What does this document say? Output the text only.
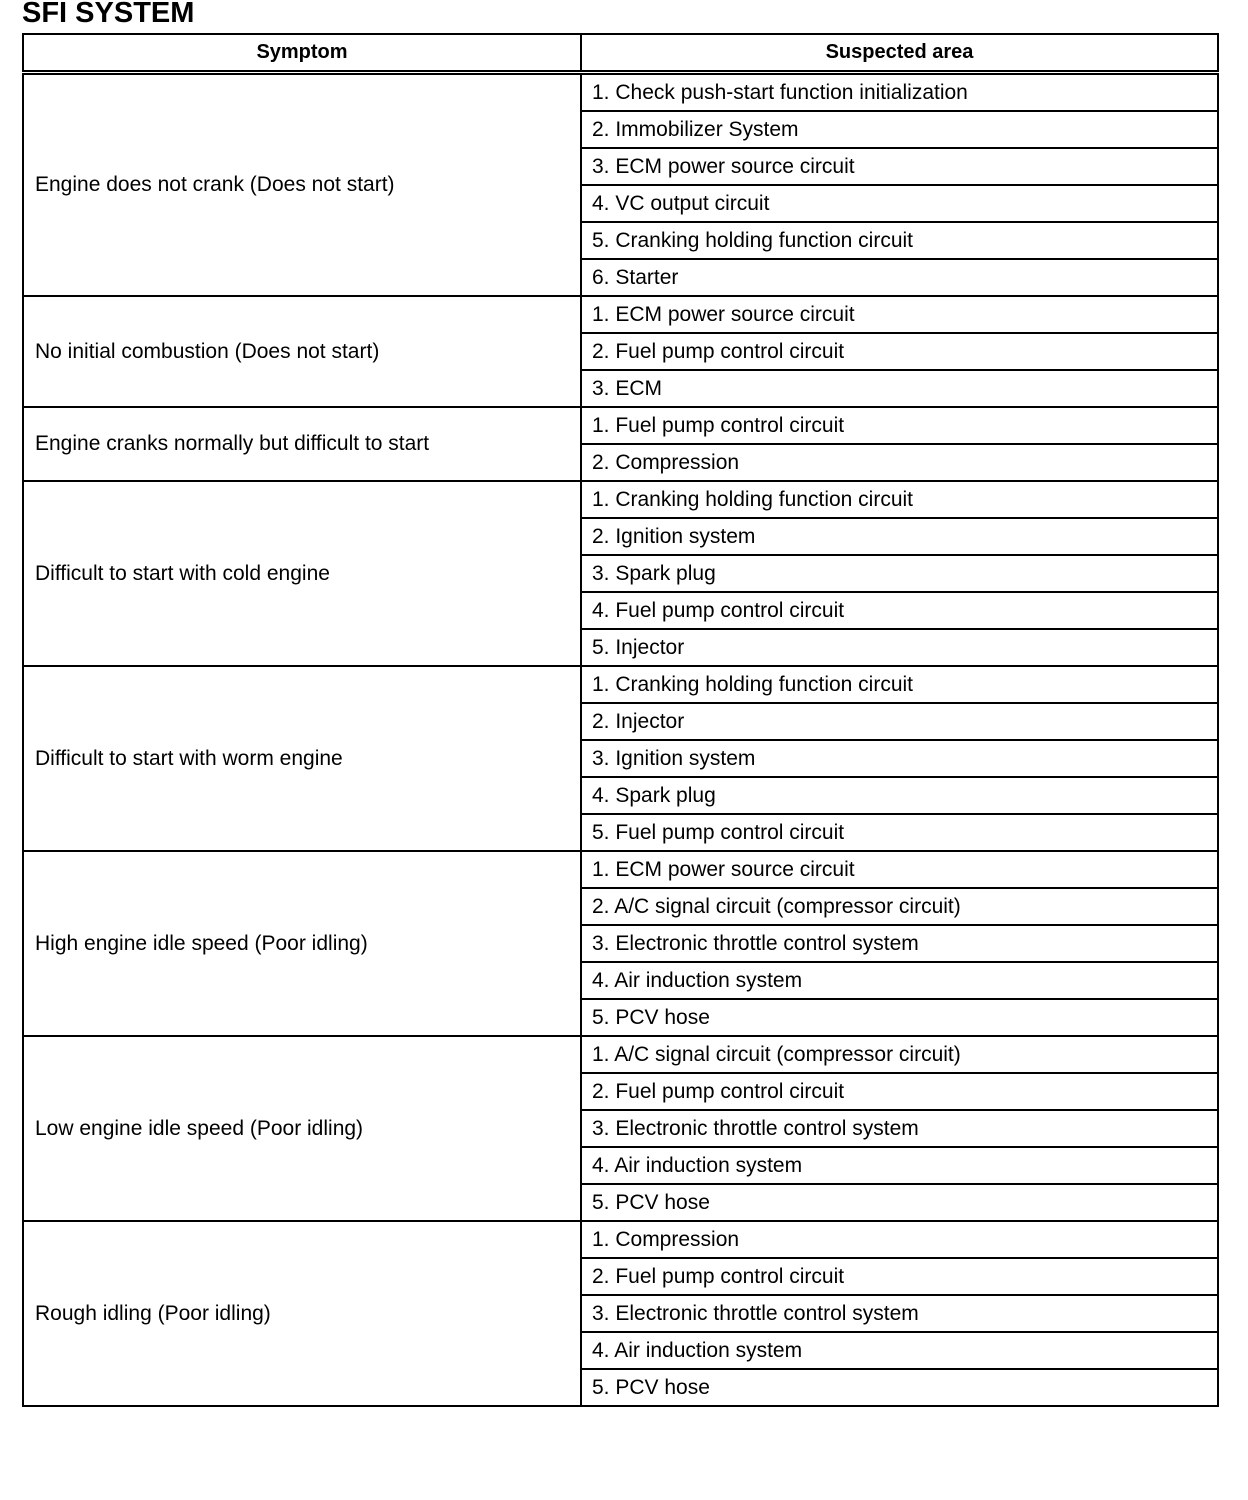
SFI SYSTEM
Symptom	Suspected area
Engine does not crank (Does not start)	1. Check push-start function initialization
	2. Immobilizer System
	3. ECM power source circuit
	4. VC output circuit
	5. Cranking holding function circuit
	6. Starter
No initial combustion (Does not start)	1. ECM power source circuit
	2. Fuel pump control circuit
	3. ECM
Engine cranks normally but difficult to start	1. Fuel pump control circuit
	2. Compression
Difficult to start with cold engine	1. Cranking holding function circuit
	2. Ignition system
	3. Spark plug
	4. Fuel pump control circuit
	5. Injector
Difficult to start with worm engine	1. Cranking holding function circuit
	2. Injector
	3. Ignition system
	4. Spark plug
	5. Fuel pump control circuit
High engine idle speed (Poor idling)	1. ECM power source circuit
	2. A/C signal circuit (compressor circuit)
	3. Electronic throttle control system
	4. Air induction system
	5. PCV hose
Low engine idle speed (Poor idling)	1. A/C signal circuit (compressor circuit)
	2. Fuel pump control circuit
	3. Electronic throttle control system
	4. Air induction system
	5. PCV hose
Rough idling (Poor idling)	1. Compression
	2. Fuel pump control circuit
	3. Electronic throttle control system
	4. Air induction system
	5. PCV hose
